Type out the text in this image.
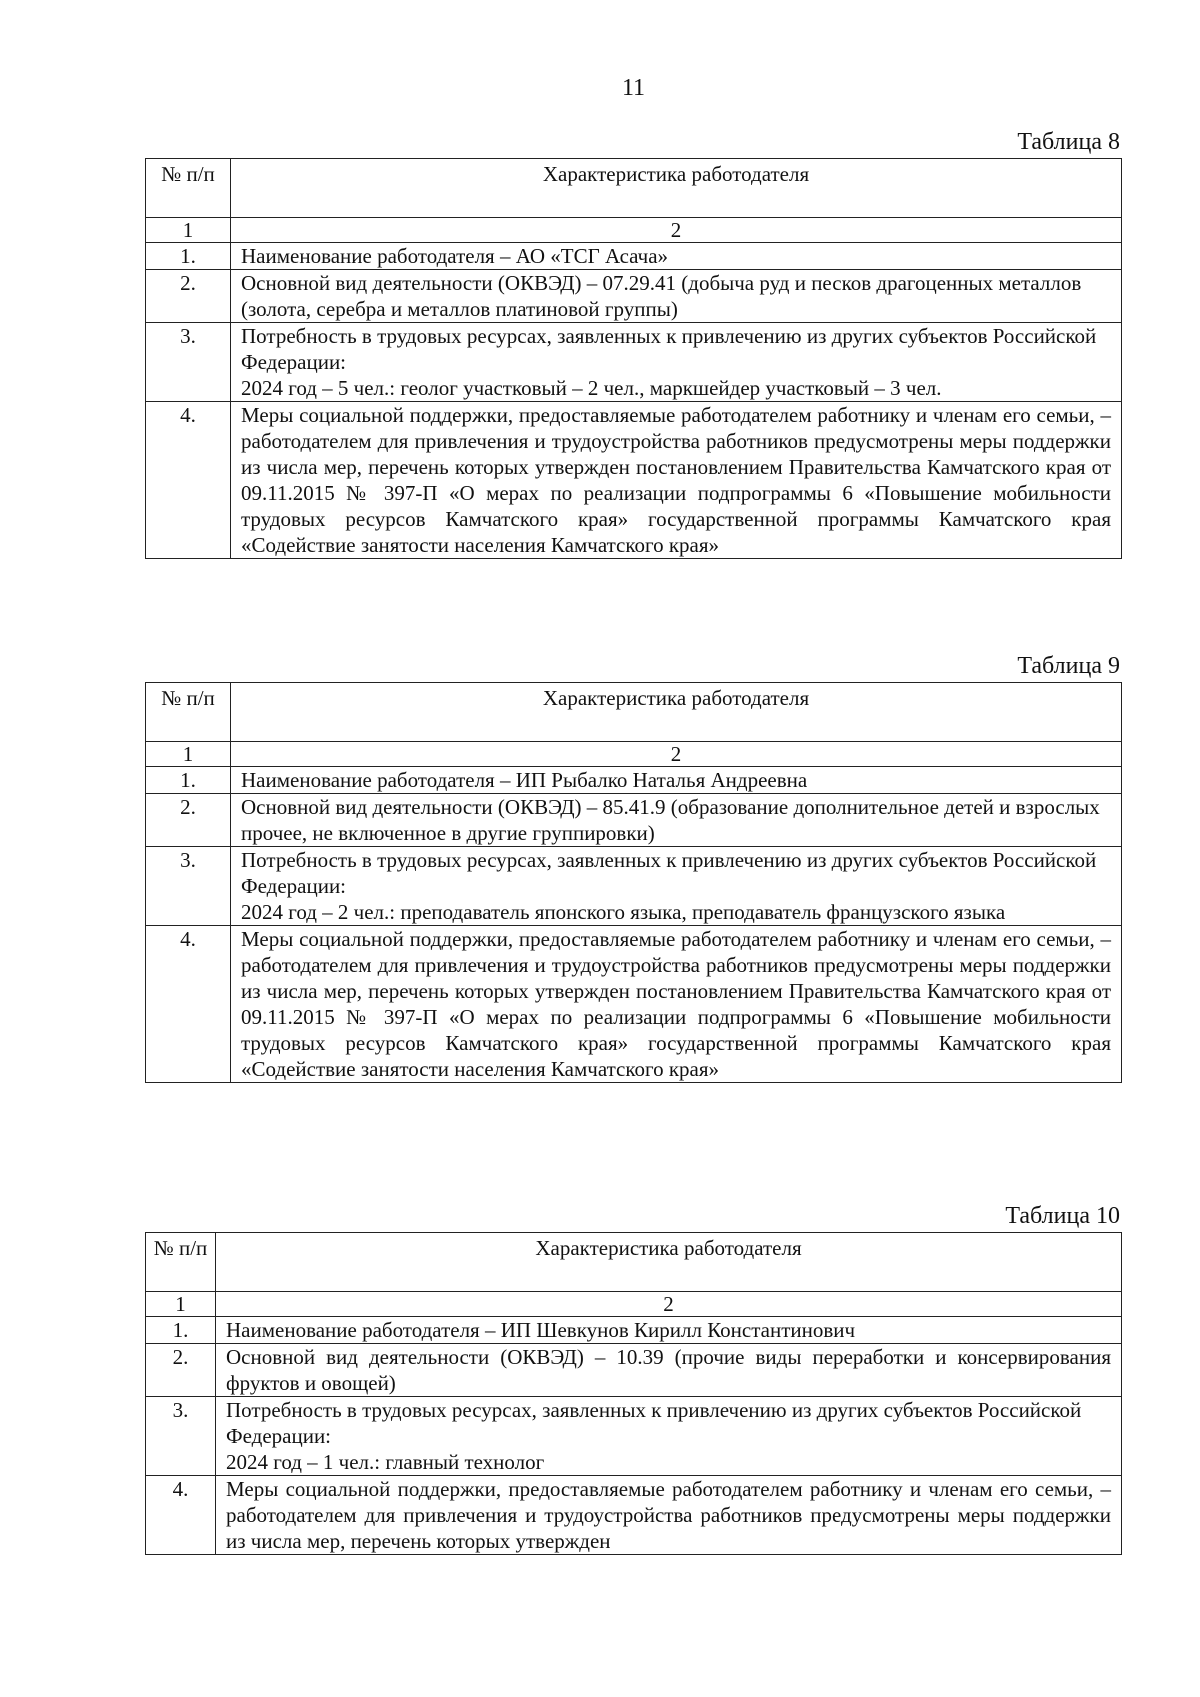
11
Таблица 8
№ п/п	Характеристика работодателя
1	2
1.	Наименование работодателя – АО «ТСГ Асача»
2.	Основной вид деятельности (ОКВЭД) – 07.29.41 (добыча руд и песков драгоценных металлов (золота, серебра и металлов платиновой группы)
3.	Потребность в трудовых ресурсах, заявленных к привлечению из других субъектов Российской Федерации:
2024 год – 5 чел.: геолог участковый – 2 чел., маркшейдер участковый – 3 чел.

4.	Меры социальной поддержки, предоставляемые работодателем работнику и членам его семьи, – работодателем для привлечения и трудоустройства работников предусмотрены меры поддержки из числа мер, перечень которых утвержден постановлением Правительства Камчатского края от 09.11.2015 № 397-П «О мерах по реализации подпрограммы 6 «Повышение мобильности трудовых ресурсов Камчатского края» государственной программы Камчатского края «Содействие занятости населения Камчатского края»
Таблица 9
№ п/п	Характеристика работодателя
1	2
1.	Наименование работодателя – ИП Рыбалко Наталья Андреевна
2.	Основной вид деятельности (ОКВЭД) – 85.41.9 (образование дополнительное детей и взрослых прочее, не включенное в другие группировки)
3.	Потребность в трудовых ресурсах, заявленных к привлечению из других субъектов Российской Федерации:
2024 год – 2 чел.: преподаватель японского языка, преподаватель французского языка

4.	Меры социальной поддержки, предоставляемые работодателем работнику и членам его семьи, – работодателем для привлечения и трудоустройства работников предусмотрены меры поддержки из числа мер, перечень которых утвержден постановлением Правительства Камчатского края от 09.11.2015 № 397-П «О мерах по реализации подпрограммы 6 «Повышение мобильности трудовых ресурсов Камчатского края» государственной программы Камчатского края «Содействие занятости населения Камчатского края»
Таблица 10
№ п/п	Характеристика работодателя
1	2
1.	Наименование работодателя – ИП Шевкунов Кирилл Константинович
2.	Основной вид деятельности (ОКВЭД) – 10.39 (прочие виды переработки и консервирования фруктов и овощей)
3.	Потребность в трудовых ресурсах, заявленных к привлечению из других субъектов Российской Федерации:
2024 год – 1 чел.: главный технолог

4.	Меры социальной поддержки, предоставляемые работодателем работнику и членам его семьи, – работодателем для привлечения и трудоустройства работников предусмотрены меры поддержки из числа мер, перечень которых утвержден
